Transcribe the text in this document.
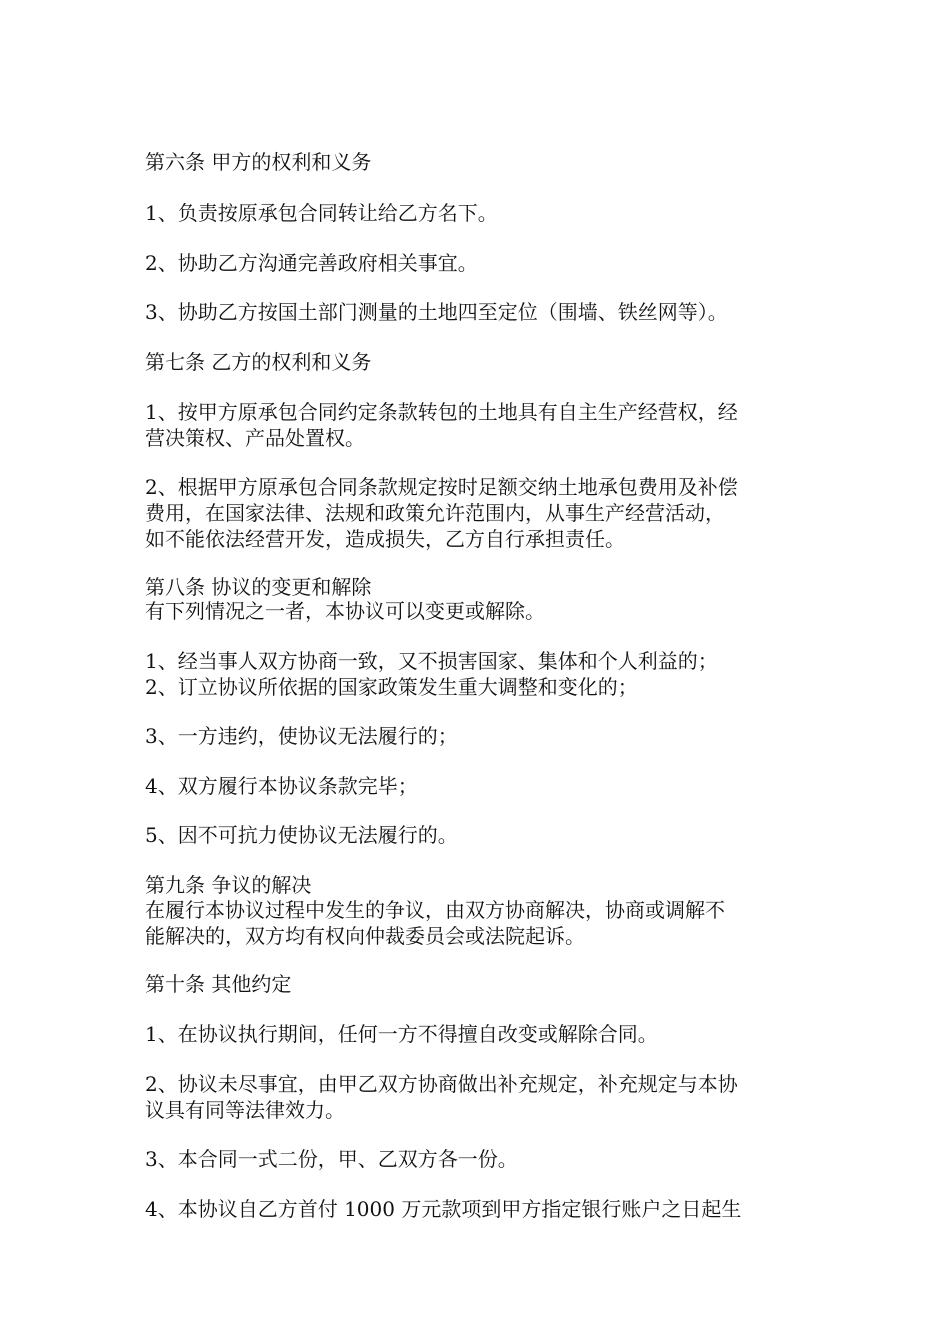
第六条 甲方的权利和义务
1、负责按原承包合同转让给乙方名下。
2、协助乙方沟通完善政府相关事宜。
3、协助乙方按国土部门测量的土地四至定位（围墙、铁丝网等）。
第七条 乙方的权利和义务
1、按甲方原承包合同约定条款转包的土地具有自主生产经营权，经
营决策权、产品处置权。
2、根据甲方原承包合同条款规定按时足额交纳土地承包费用及补偿
费用，在国家法律、法规和政策允许范围内，从事生产经营活动，
如不能依法经营开发，造成损失，乙方自行承担责任。
第八条 协议的变更和解除
有下列情况之一者，本协议可以变更或解除。
1、经当事人双方协商一致，又不损害国家、集体和个人利益的；
2、订立协议所依据的国家政策发生重大调整和变化的；
3、一方违约，使协议无法履行的；
4、双方履行本协议条款完毕；
5、因不可抗力使协议无法履行的。
第九条 争议的解决
在履行本协议过程中发生的争议，由双方协商解决，协商或调解不
能解决的，双方均有权向仲裁委员会或法院起诉。
第十条 其他约定
1、在协议执行期间，任何一方不得擅自改变或解除合同。
2、协议未尽事宜，由甲乙双方协商做出补充规定，补充规定与本协
议具有同等法律效力。
3、本合同一式二份，甲、乙双方各一份。
4、本协议自乙方首付 1000 万元款项到甲方指定银行账户之日起生
